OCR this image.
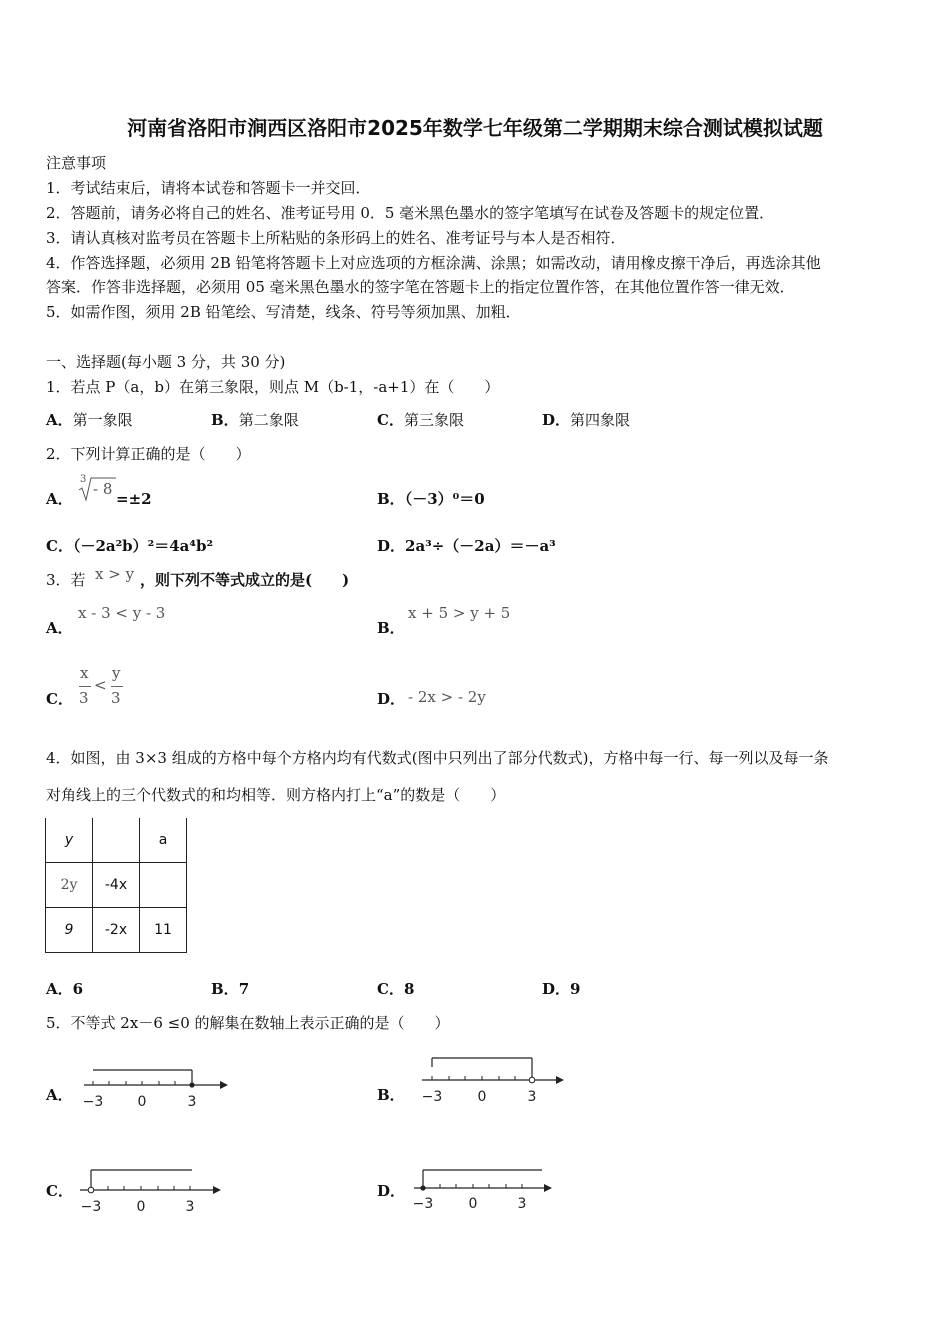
河南省洛阳市涧西区洛阳市2025年数学七年级第二学期期末综合测试模拟试题
注意事项
1．考试结束后，请将本试卷和答题卡一并交回．
2．答题前，请务必将自己的姓名、准考证号用 0．5 毫米黑色墨水的签字笔填写在试卷及答题卡的规定位置．
3．请认真核对监考员在答题卡上所粘贴的条形码上的姓名、准考证号与本人是否相符．
4．作答选择题，必须用 2B 铅笔将答题卡上对应选项的方框涂满、涂黑；如需改动，请用橡皮擦干净后，再选涂其他
答案．作答非选择题，必须用 05 毫米黑色墨水的签字笔在答题卡上的指定位置作答，在其他位置作答一律无效．
5．如需作图，须用 2B 铅笔绘、写清楚，线条、符号等须加黑、加粗．
一、选择题(每小题 3 分，共 30 分)
1．若点 P（a，b）在第三象限，则点 M（b-1，-a+1）在（　　）
A．第一象限	B．第二象限	C．第三象限	D．第四象限
2．下列计算正确的是（　　）
A．
3
- 8
=±2	B．（－3）⁰＝0
C．（－2a²b）²＝4a⁴b²	D．2a³÷（－2a）＝－a³
3．若 x > y ，则下列不等式成立的是(　　)
A．
x - 3 < y - 3
B．
x + 5 > y + 5
C．
x
3
<
y
3	D． - 2x > - 2y
4．如图，由 3×3 组成的方格中每个方格内均有代数式(图中只列出了部分代数式)，方格中每一行、每一列以及每一条
对角线上的三个代数式的和均相等．则方格内打上“a”的数是（　　）
y		a
2y	-4x	
9	-2x	11
A．6	B．7	C．8	D．9
5．不等式 2x－6 ≤0 的解集在数轴上表示正确的是（　　）
A． −3 0	3	B． −3	0	3
C．
−3	0	3
D．
−3	0	3
